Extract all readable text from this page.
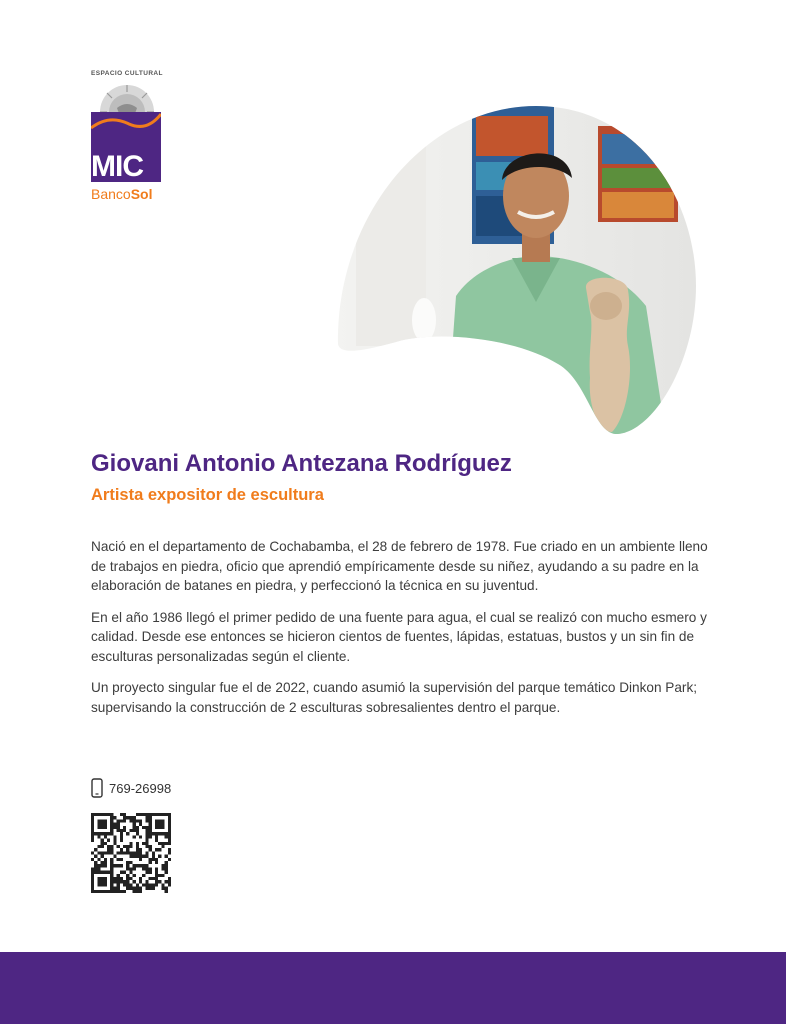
ESPACIO CULTURAL
MIC
BancoSol
Giovani Antonio Antezana Rodríguez
Artista expositor de escultura

Nació en el departamento de Cochabamba, el 28 de febrero de 1978. Fue criado en un ambiente lleno de trabajos en piedra, oficio que aprendió empíricamente desde su niñez, ayudando a su padre en la elaboración de batanes en piedra, y perfeccionó la técnica en su juventud.

En el año 1986 llegó el primer pedido de una fuente para agua, el cual se realizó con mucho esmero y calidad. Desde ese entonces se hicieron cientos de fuentes, lápidas, estatuas, bustos y un sin fin de esculturas personalizadas según el cliente.

Un proyecto singular fue el de 2022, cuando asumió la supervisión del parque temático Dinkon Park; supervisando la construcción de 2 esculturas sobresalientes dentro el parque.

769-26998
